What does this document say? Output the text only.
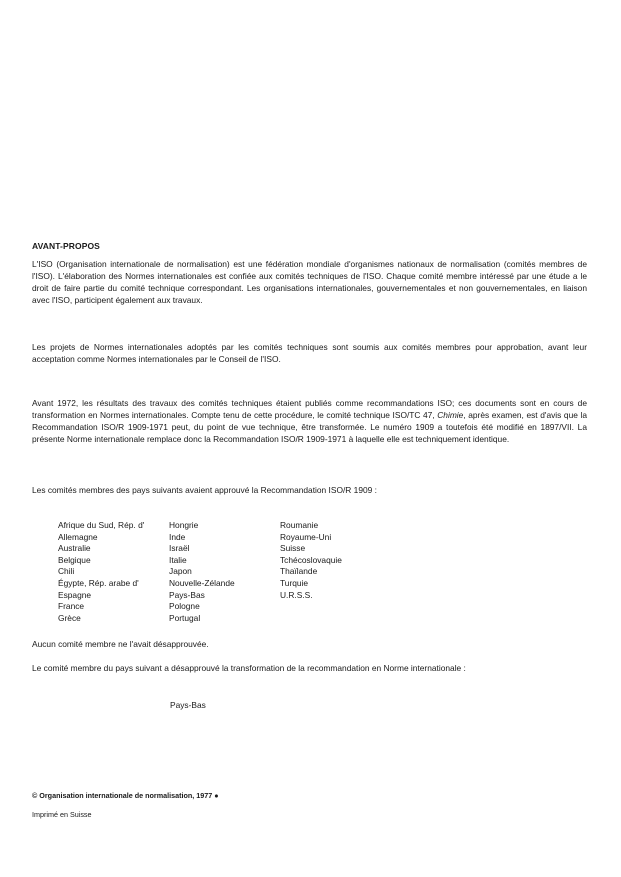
AVANT-PROPOS
L'ISO (Organisation internationale de normalisation) est une fédération mondiale d'organismes nationaux de normalisation (comités membres de l'ISO). L'élaboration des Normes internationales est confiée aux comités techniques de l'ISO. Chaque comité membre intéressé par une étude a le droit de faire partie du comité technique correspondant. Les organisations internationales, gouvernementales et non gouvernementales, en liaison avec l'ISO, participent également aux travaux.
Les projets de Normes internationales adoptés par les comités techniques sont soumis aux comités membres pour approbation, avant leur acceptation comme Normes internationales par le Conseil de l'ISO.
Avant 1972, les résultats des travaux des comités techniques étaient publiés comme recommandations ISO; ces documents sont en cours de transformation en Normes internationales. Compte tenu de cette procédure, le comité technique ISO/TC 47, Chimie, après examen, est d'avis que la Recommandation ISO/R 1909-1971 peut, du point de vue technique, être transformée. Le numéro 1909 a toutefois été modifié en 1897/VII. La présente Norme internationale remplace donc la Recommandation ISO/R 1909-1971 à laquelle elle est techniquement identique.
Les comités membres des pays suivants avaient approuvé la Recommandation ISO/R 1909 :
Afrique du Sud, Rép. d'	Hongrie	Roumanie
Allemagne	Inde	Royaume-Uni
Australie	Israël	Suisse
Belgique	Italie	Tchécoslovaquie
Chili	Japon	Thaïlande
Égypte, Rép. arabe d'	Nouvelle-Zélande	Turquie
Espagne	Pays-Bas	U.R.S.S.
France	Pologne
Grèce	Portugal
Aucun comité membre ne l'avait désapprouvée.
Le comité membre du pays suivant a désapprouvé la transformation de la recommandation en Norme internationale :
Pays-Bas
© Organisation internationale de normalisation, 1977 ●
Imprimé en Suisse
